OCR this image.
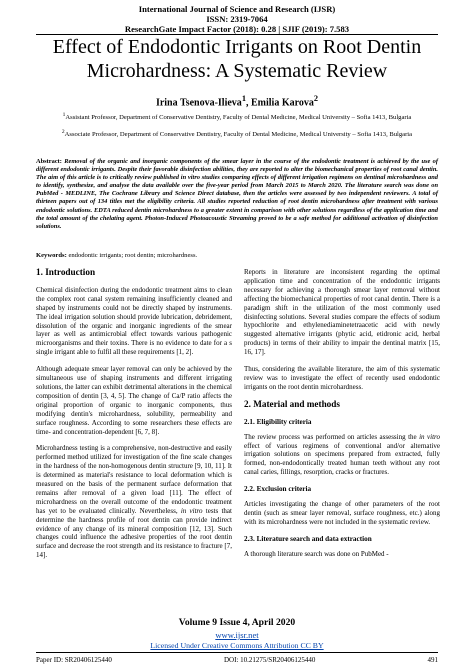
International Journal of Science and Research (IJSR)
ISSN: 2319-7064
ResearchGate Impact Factor (2018): 0.28 | SJIF (2019): 7.583
Effect of Endodontic Irrigants on Root Dentin
Microhardness: A Systematic Review
Irina Tsenova-Ilieva$^1$, Emilia Karova$^2$
$^1$Assistant Professor, Department of Conservative Dentistry, Faculty of Dental Medicine, Medical University – Sofia 1413, Bulgaria
$^2$Associate Professor, Department of Conservative Dentistry, Faculty of Dental Medicine, Medical University – Sofia 1413, Bulgaria
Abstract: Removal of the organic and inorganic components of the smear layer in the course of the endodontic treatment is achieved by the use of different endodontic irrigants. Despite their favorable disinfection abilities, they are reported to alter the biomechanical properties of root canal dentin. The aim of this article is to critically review published in vitro studies comparing effects of different irrigation regimens on dentinal microhardness and to identify, synthesize, and analyse the data available over the five-year period from March 2015 to March 2020. The literature search was done on PubMed - MEDLINE, The Cochrane Library and Science Direct database, then the articles were assessed by two independent reviewers. A total of thirteen papers out of 134 titles met the eligibility criteria. All studies reported reduction of root dentin microhardness after treatment with various endodontic solutions. EDTA reduced dentin microhardness to a greater extent in comparison with other solutions regardless of the application time and the total amount of the chelating agent. Photon-Induced Photoacoustic Streaming proved to be a safe method for additional activation of disinfection solutions.
Keywords: endodontic irrigants; root dentin; microhardness.
1. Introduction

Chemical disinfection during the endodontic treatment aims to clean the complex root canal system remaining insufficiently cleaned and shaped by instruments could not be directly shaped by instruments. The ideal irrigation solution should provide lubrication, debridement, dissolution of the organic and inorganic ingredients of the smear layer as well as antimicrobial effect towards various pathogenic microorganisms and their toxins. There is no evidence to date for a s single irrigant able to fulfil all these requirements [1, 2].

Although adequate smear layer removal can only be achieved by the simultaneous use of shaping instruments and different irrigating solutions, the latter can exhibit detrimental alterations in the chemical composition of dentin [3, 4, 5]. The change of Ca/P ratio affects the original proportion of organic to inorganic components, thus modifying dentin's microhardness, solubility, permeability and surface roughness. According to some researchers these effects are time- and concentration-dependent [6, 7, 8].

Microhardness testing is a comprehensive, non-destructive and easily performed method utilized for investigation of the fine scale changes in the hardness of the non-homogenous dentin structure [9, 10, 11]. It is determined as material's resistance to local deformation which is measured on the basis of the permanent surface deformation that remains after removal of a given load [11]. The effect of microhardness on the overall outcome of the endodontic treatment has yet to be evaluated clinically. Nevertheless, in vitro tests that determine the hardness profile of root dentin can provide indirect evidence of any change of its mineral composition [12, 13]. Such changes could influence the adhesive properties of the root dentin surface and decrease the root strength and its resistance to fracture [7, 14].

Reports in literature are inconsistent regarding the optimal application time and concentration of the endodontic irrigants necessary for achieving a thorough smear layer removal without affecting the biomechanical properties of root canal dentin. There is a paradigm shift in the utilization of the most commonly used disinfecting solutions. Several studies compare the effects of sodium hypochlorite and ethylenediaminetetraacetic acid with newly suggested alternative irrigants (phytic acid, etidronic acid, herbal products) in terms of their ability to impair the dentinal matrix [15, 16, 17].

Thus, considering the available literature, the aim of this systematic review was to investigate the effect of recently used endodontic irrigants on the root dentin microhardness.

2. Material and methods
2.1. Eligibility criteria

The review process was performed on articles assessing the in vitro effect of various regimens of conventional and/or alternative irrigation solutions on specimens prepared from extracted, fully formed, non-endodontically treated human teeth without any root canal caries, fillings, resorption, cracks or fractures.

2.2. Exclusion criteria

Articles investigating the change of other parameters of the root dentin (such as smear layer removal, surface roughness, etc.) along with its microhardness were not included in the systematic review.

2.3. Literature search and data extraction

A thorough literature search was done on PubMed -

Volume 9 Issue 4, April 2020
www.ijsr.net
Licensed Under Creative Commons Attribution CC BY
Paper ID: SR20406125440	DOI: 10.21275/SR20406125440	491
